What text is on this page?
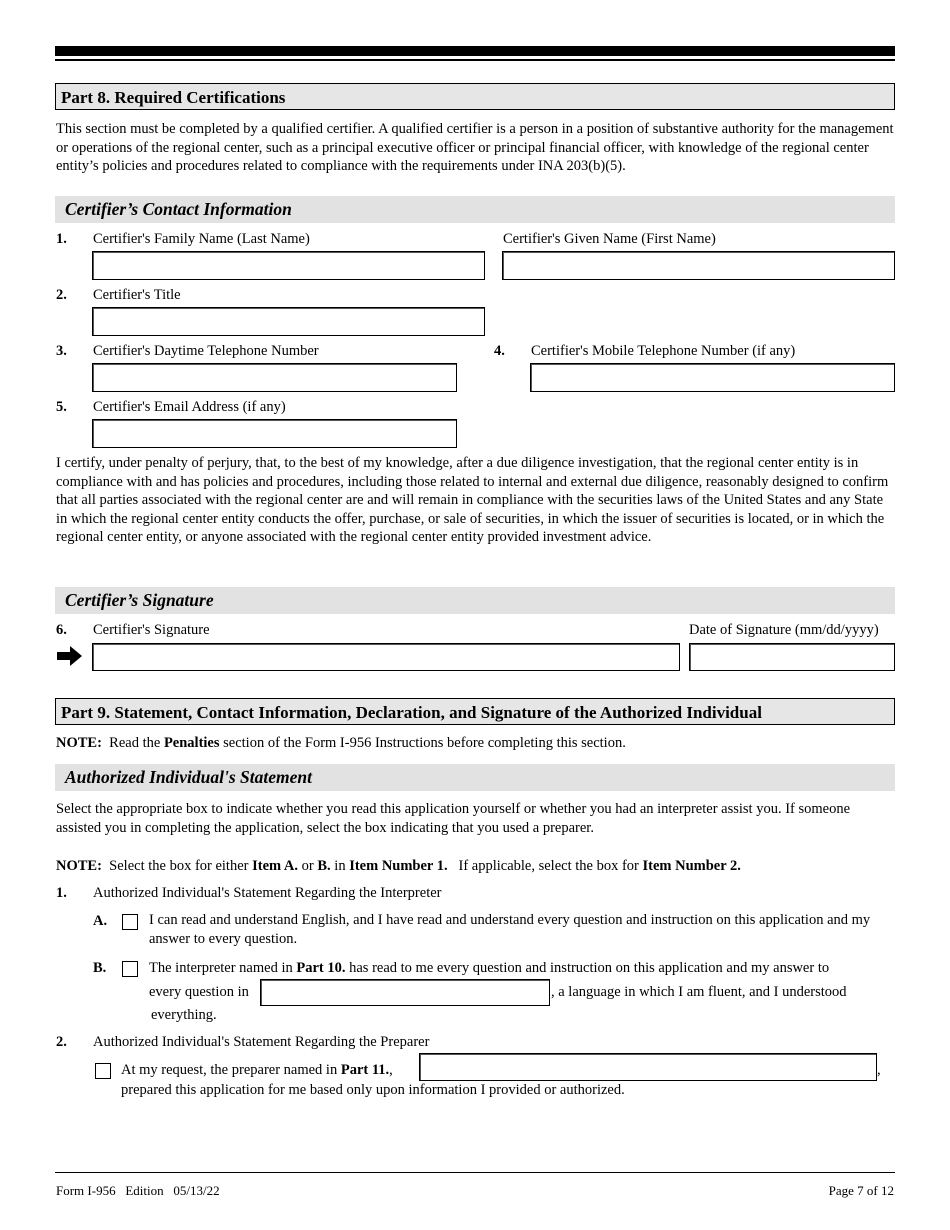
Part 8. Required Certifications
This section must be completed by a qualified certifier. A qualified certifier is a person in a position of substantive authority for the management or operations of the regional center, such as a principal executive officer or principal financial officer, with knowledge of the regional center entity’s policies and procedures related to compliance with the requirements under INA 203(b)(5).
Certifier’s Contact Information
1. Certifier's Family Name (Last Name)	Certifier's Given Name (First Name)
2. Certifier's Title
3. Certifier's Daytime Telephone Number	4. Certifier's Mobile Telephone Number (if any)
5. Certifier's Email Address (if any)
I certify, under penalty of perjury, that, to the best of my knowledge, after a due diligence investigation, that the regional center entity is in compliance with and has policies and procedures, including those related to internal and external due diligence, reasonably designed to confirm that all parties associated with the regional center are and will remain in compliance with the securities laws of the United States and any State in which the regional center entity conducts the offer, purchase, or sale of securities, in which the issuer of securities is located, or in which the regional center entity, or anyone associated with the regional center entity provided investment advice.
Certifier’s Signature
6. Certifier's Signature	Date of Signature (mm/dd/yyyy)
Part 9. Statement, Contact Information, Declaration, and Signature of the Authorized Individual
NOTE:  Read the Penalties section of the Form I-956 Instructions before completing this section.
Authorized Individual's Statement
Select the appropriate box to indicate whether you read this application yourself or whether you had an interpreter assist you. If someone assisted you in completing the application, select the box indicating that you used a preparer.
NOTE:  Select the box for either Item A. or B. in Item Number 1.   If applicable, select the box for Item Number 2.
1. Authorized Individual's Statement Regarding the Interpreter
A.	I can read and understand English, and I have read and understand every question and instruction on this application and my answer to every question.
B.	The interpreter named in Part 10. has read to me every question and instruction on this application and my answer to
every question in	, a language in which I am fluent, and I understood
everything.
2. Authorized Individual's Statement Regarding the Preparer
At my request, the preparer named in Part 11.,	,
prepared this application for me based only upon information I provided or authorized.
Form I-956   Edition   05/13/22	Page 7 of 12
